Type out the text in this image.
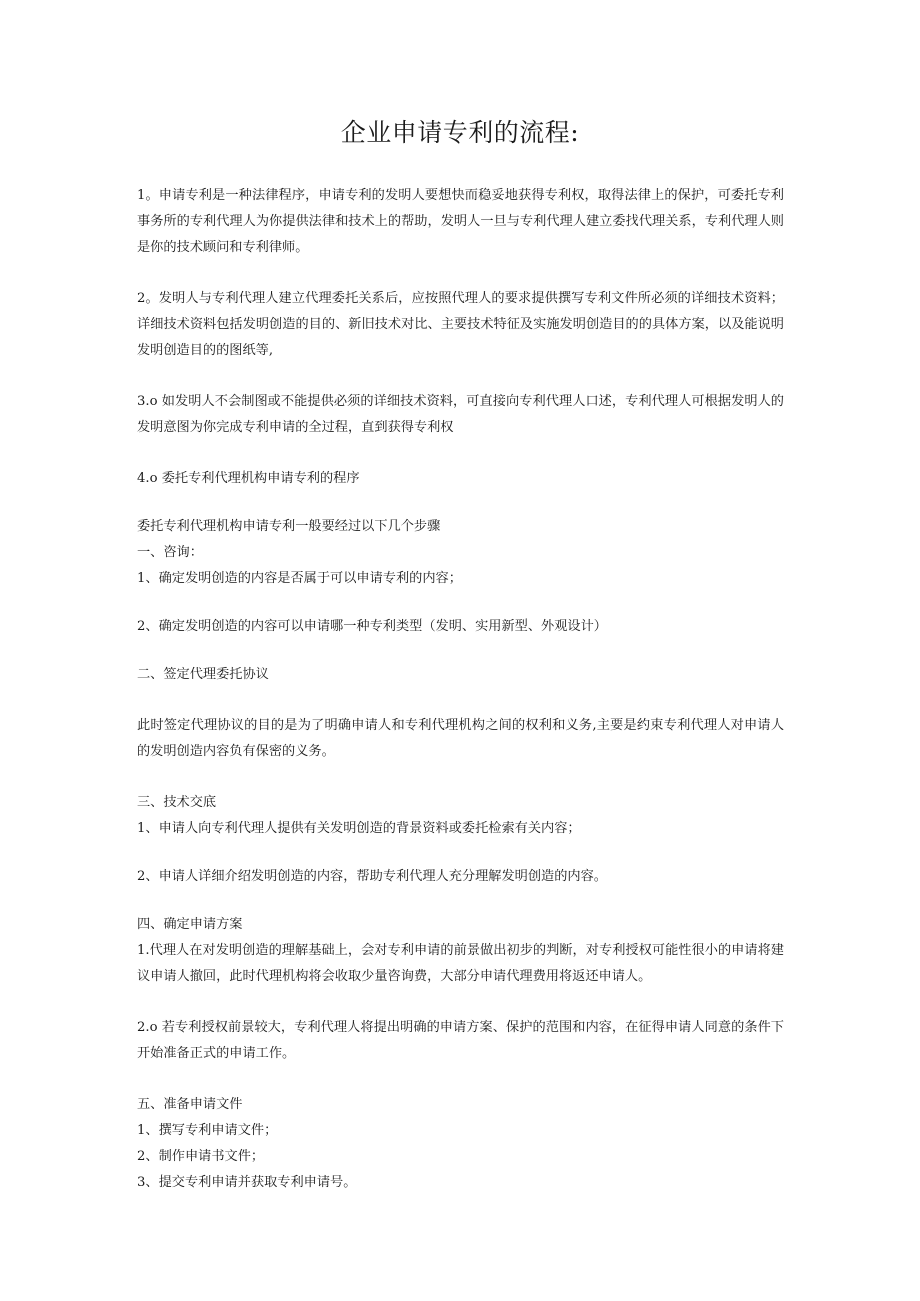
企业申请专利的流程:

1。申请专利是一种法律程序，申请专利的发明人要想快而稳妥地获得专利权，取得法律上的保护，可委托专利事务所的专利代理人为你提供法律和技术上的帮助，发明人一旦与专利代理人建立委找代理关系，专利代理人则是你的技术顾问和专利律师。

2。发明人与专利代理人建立代理委托关系后，应按照代理人的要求提供撰写专利文件所必须的详细技术资料；详细技术资料包括发明创造的目的、新旧技术对比、主要技术特征及实施发明创造目的的具体方案，以及能说明发明创造目的的图纸等,

3.o 如发明人不会制图或不能提供必须的详细技术资料，可直接向专利代理人口述，专利代理人可根据发明人的发明意图为你完成专利申请的全过程，直到获得专利权

4.o 委托专利代理机构申请专利的程序

委托专利代理机构申请专利一般要经过以下几个步骤

一、咨询：

1、确定发明创造的内容是否属于可以申请专利的内容；

2、确定发明创造的内容可以申请哪一种专利类型（发明、实用新型、外观设计）

二、签定代理委托协议

此时签定代理协议的目的是为了明确申请人和专利代理机构之间的权利和义务,主要是约束专利代理人对申请人的发明创造内容负有保密的义务。

三、技术交底

1、申请人向专利代理人提供有关发明创造的背景资料或委托检索有关内容；

2、申请人详细介绍发明创造的内容，帮助专利代理人充分理解发明创造的内容。

四、确定申请方案

1.代理人在对发明创造的理解基础上，会对专利申请的前景做出初步的判断，对专利授权可能性很小的申请将建议申请人撤回，此时代理机构将会收取少量咨询费，大部分申请代理费用将返还申请人。

2.o 若专利授权前景较大，专利代理人将提出明确的申请方案、保护的范围和内容，在征得申请人同意的条件下开始准备正式的申请工作。

五、准备申请文件

1、撰写专利申请文件；

2、制作申请书文件；

3、提交专利申请并获取专利申请号。
